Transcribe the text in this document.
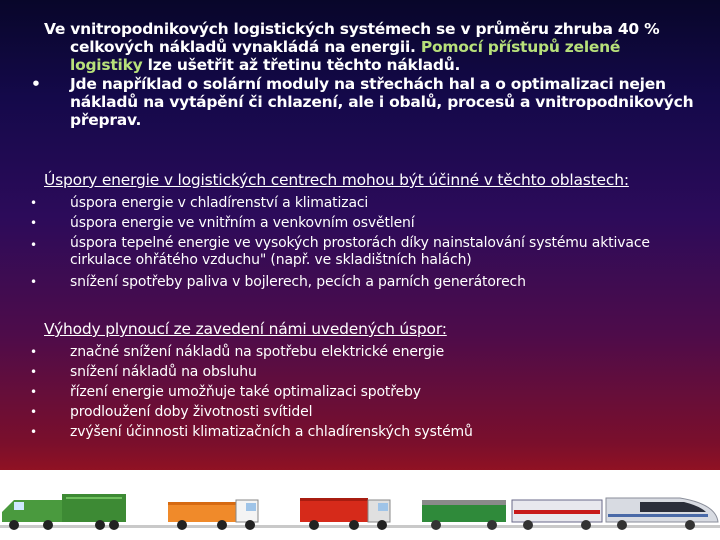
Ve vnitropodnikových logistických systémech se v průměru zhruba 40 % celkových nákladů vynakládá na energii. Pomocí přístupů zelené logistiky lze ušetřit až třetinu těchto nákladů.

• Jde například o solární moduly na střechách hal a o optimalizaci nejen nákladů na vytápění či chlazení, ale i obalů, procesů a vnitropodnikových přeprav.
Úspory energie v logistických centrech mohou být účinné v těchto oblastech:
• úspora energie v chladírenství a klimatizaci
• úspora energie ve vnitřním a venkovním osvětlení
• úspora tepelné energie ve vysokých prostorách díky nainstalování systému aktivace cirkulace ohřátého vzduchu" (např. ve skladištních halách)
• snížení spotřeby paliva v bojlerech, pecích a parních generátorech
Výhody plynoucí ze zavedení námi uvedených úspor:
• značné snížení nákladů na spotřebu elektrické energie
• snížení nákladů na obsluhu
• řízení energie umožňuje také optimalizaci spotřeby
• prodloužení doby životnosti svítidel
• zvýšení účinnosti klimatizačních a chladírenských systémů
